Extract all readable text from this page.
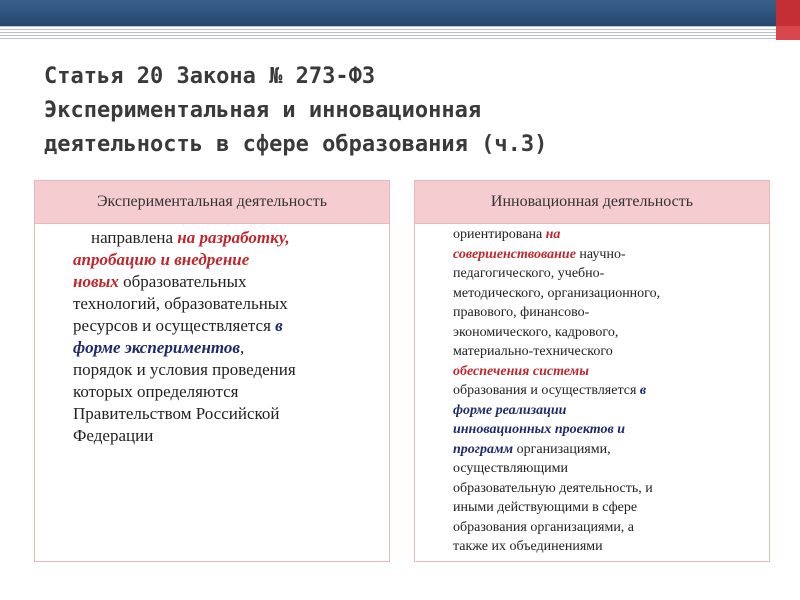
Статья 20 Закона № 273-ФЗ
Экспериментальная и инновационная
деятельность в сфере образования (ч.3)
Экспериментальная деятельность
направлена на разработку,
апробацию и внедрение
новых образовательных
технологий, образовательных
ресурсов и осуществляется в
форме экспериментов,
порядок и условия проведения
которых определяются
Правительством Российской
Федерации
Инновационная деятельность
ориентирована на
совершенствование научно-
педагогического, учебно-
методического, организационного,
правового, финансово-
экономического, кадрового,
материально-технического
обеспечения системы
образования и осуществляется в
форме реализации
инновационных проектов и
программ организациями,
осуществляющими
образовательную деятельность, и
иными действующими в сфере
образования организациями, а
также их объединениями
